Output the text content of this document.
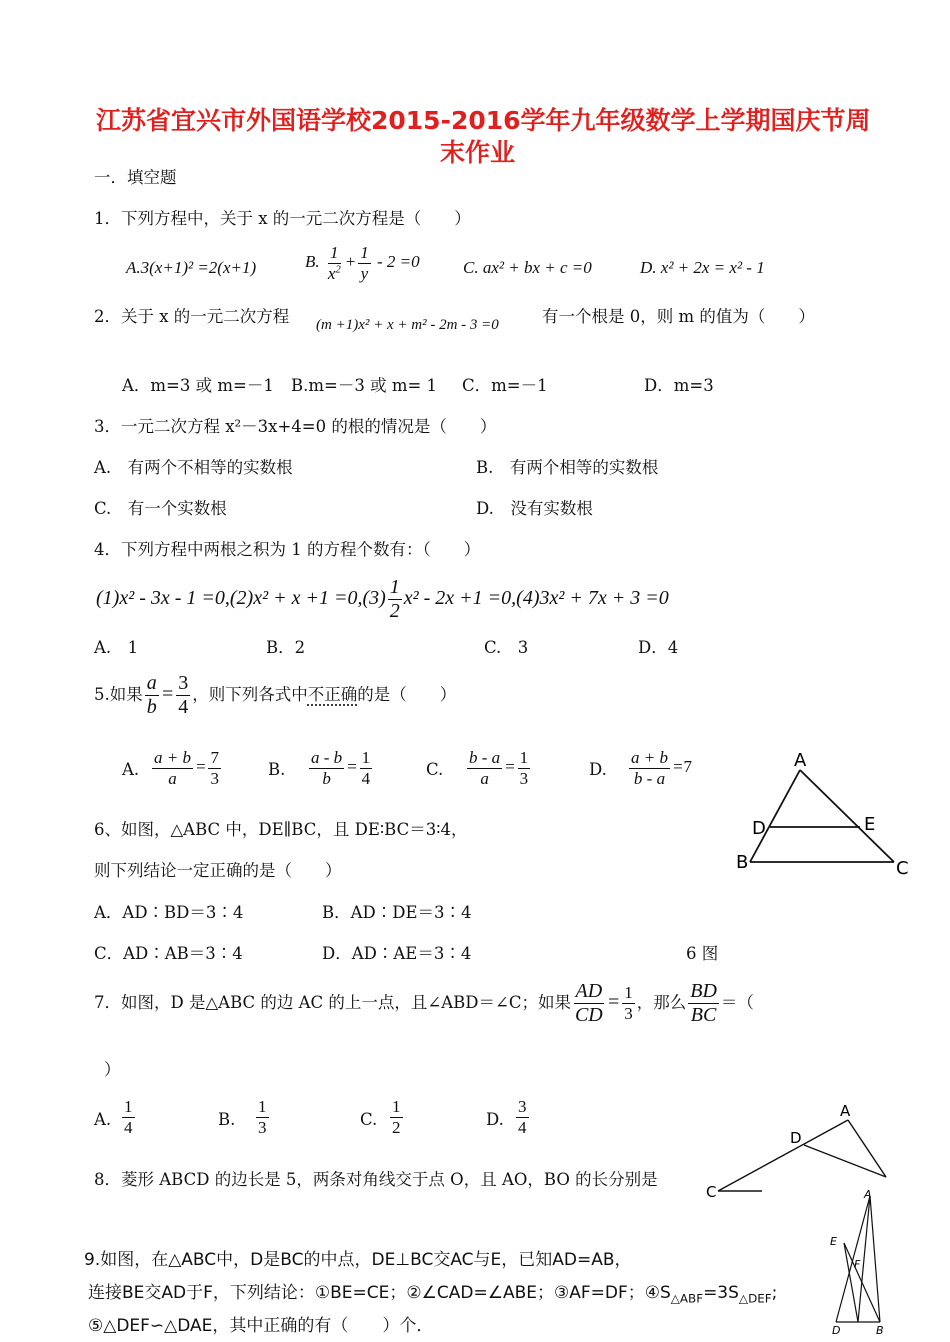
江苏省宜兴市外国语学校2015-2016学年九年级数学上学期国庆节周
末作业
一．填空题
1．下列方程中，关于 x 的一元二次方程是（　　）
A.3(x+1)² =2(x+1)	B. $\frac{1}{x^2} + \frac{1}{y} - 2 =0$	C. ax² + bx + c =0	D. x² + 2x = x² - 1
2．关于 x 的一元二次方程 (m +1)x² + x + m² - 2m - 3 =0	有一个根是 0，则 m 的值为（　　）
A．m=3 或 m=－1 B.m=－3 或 m= 1 C．m=－1	D．m=3
3．一元二次方程 x²－3x+4=0 的根的情况是（　　）
A.　有两个不相等的实数根	B.　有两个相等的实数根
C.　有一个实数根	D.　没有实数根
4．下列方程中两根之积为 1 的方程个数有：（　　）
$(1)x^2 - 3x - 1 =0,(2)x^2 + x +1 =0,(3) \frac{1}{2} x^2 - 2x +1 =0,(4)3x^2 + 7x + 3 =0$
A.　1	B．2	C.　3	D．4
5.如果 $\frac{a}{b} = \frac{3}{4}$ ，则下列各式中不正确的是（　　）
A. $\frac{a + b}{a} = \frac{7}{3}$	B. $\frac{a - b}{b} = \frac{1}{4}$	C. $\frac{b - a}{a} = \frac{1}{3}$	D. $\frac{a + b}{b - a} =7$	A
D	E
B	C
6、如图，△ABC 中，DE∥BC，且 DE∶BC＝3∶4，
则下列结论一定正确的是（　　）
A．AD∶BD＝3∶4	B．AD∶DE＝3∶4
C．AD∶AB＝3∶4	D．AD∶AE＝3∶4	6 图
7．如图，D 是△ABC 的边 AC 的上一点，且∠ABD＝∠C；如果 $\frac{AD}{CD} = \frac{1}{3}$ ，那么 $\frac{BD}{BC}$ ＝（
）
A. $\frac{1}{4}$	B. $\frac{1}{3}$	C. $\frac{1}{2}$	D. $\frac{3}{4}$	A
D
C
8．菱形 ABCD 的边长是 5，两条对角线交于点 O，且 AO，BO 的长分别是
A
E
F
D	B
9.如图，在△ABC中，D是BC的中点，DE⊥BC交AC与E，已知AD=AB，
连接BE交AD于F，下列结论：①BE=CE；②∠CAD=∠ABE；③AF=DF；$④S_{\triangle ABF}=3S_{\triangle DEF}$;
⑤△DEF∽△DAE，其中正确的有（　　）个．
